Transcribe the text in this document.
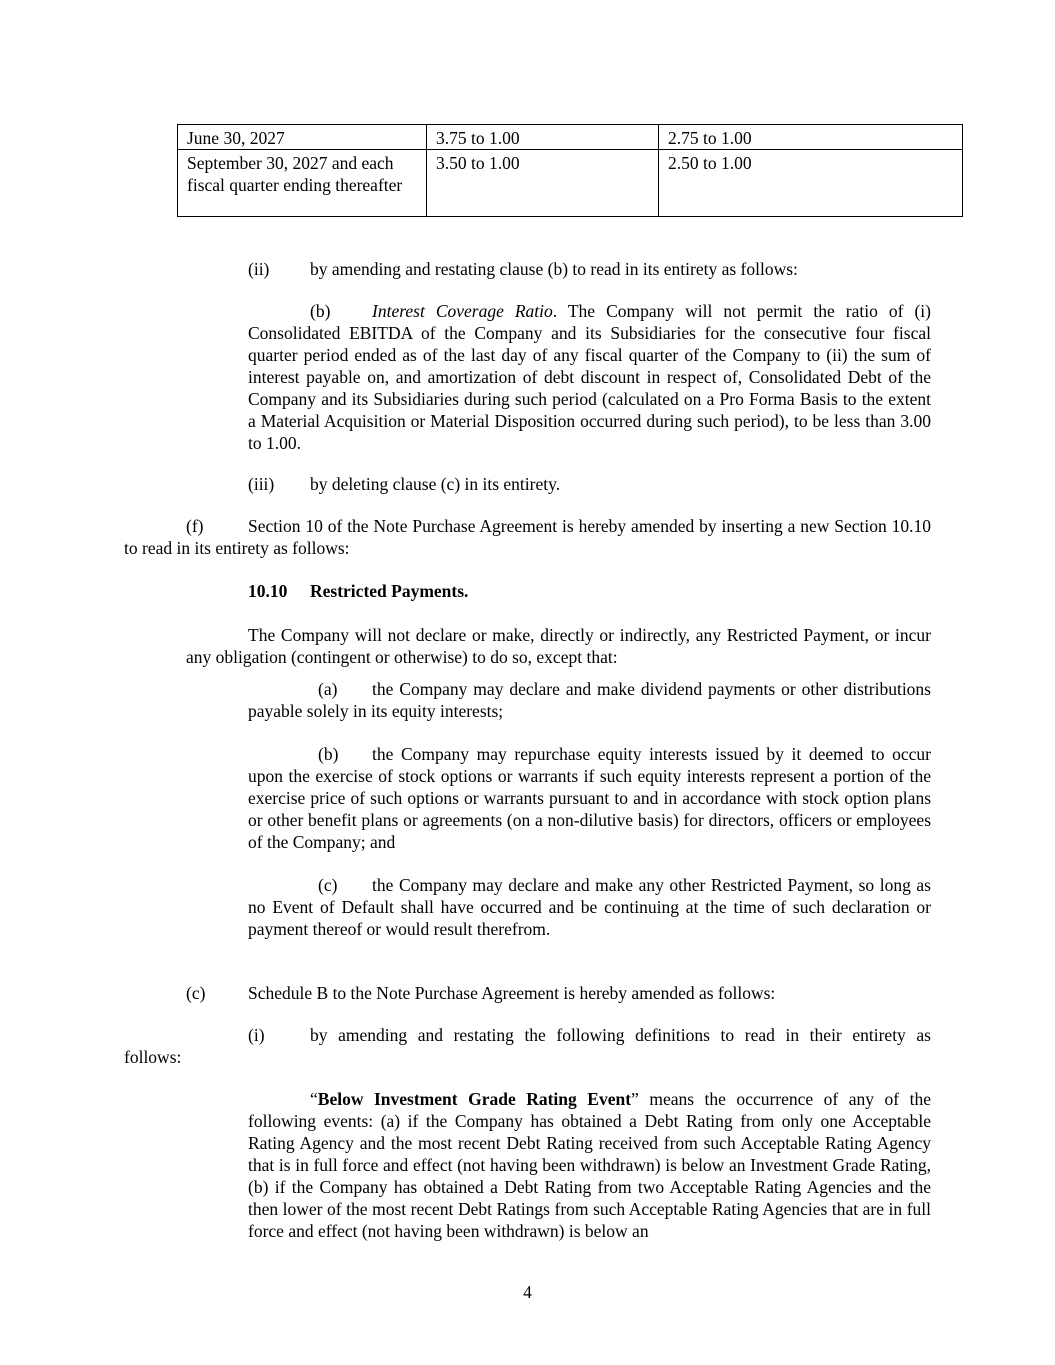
June 30, 2027	3.75 to 1.00	2.75 to 1.00
September 30, 2027 and each fiscal quarter ending thereafter	3.50 to 1.00	2.50 to 1.00
(ii) by amending and restating clause (b) to read in its entirety as follows:
(b) Interest Coverage Ratio. The Company will not permit the ratio of (i) Consolidated EBITDA of the Company and its Subsidiaries for the consecutive four fiscal quarter period ended as of the last day of any fiscal quarter of the Company to (ii) the sum of interest payable on, and amortization of debt discount in respect of, Consolidated Debt of the Company and its Subsidiaries during such period (calculated on a Pro Forma Basis to the extent a Material Acquisition or Material Disposition occurred during such period), to be less than 3.00 to 1.00.
(iii) by deleting clause (c) in its entirety.
(f)	Section 10 of the Note Purchase Agreement is hereby amended by inserting a new Section 10.10 to read in its entirety as follows:
10.10 Restricted Payments.
The Company will not declare or make, directly or indirectly, any Restricted Payment, or incur any obligation (contingent or otherwise) to do so, except that:
(a) the Company may declare and make dividend payments or other distributions payable solely in its equity interests;
(b) the Company may repurchase equity interests issued by it deemed to occur upon the exercise of stock options or warrants if such equity interests represent a portion of the exercise price of such options or warrants pursuant to and in accordance with stock option plans or other benefit plans or agreements (on a non-dilutive basis) for directors, officers or employees of the Company; and
(c) the Company may declare and make any other Restricted Payment, so long as no Event of Default shall have occurred and be continuing at the time of such declaration or payment thereof or would result therefrom.
(c) Schedule B to the Note Purchase Agreement is hereby amended as follows:
(i)	by amending and restating the following definitions to read in their entirety as
follows:
“Below Investment Grade Rating Event” means the occurrence of any of the following events: (a) if the Company has obtained a Debt Rating from only one Acceptable Rating Agency and the most recent Debt Rating received from such Acceptable Rating Agency that is in full force and effect (not having been withdrawn) is below an Investment Grade Rating, (b) if the Company has obtained a Debt Rating from two Acceptable Rating Agencies and the then lower of the most recent Debt Ratings from such Acceptable Rating Agencies that are in full force and effect (not having been withdrawn) is below an
4
